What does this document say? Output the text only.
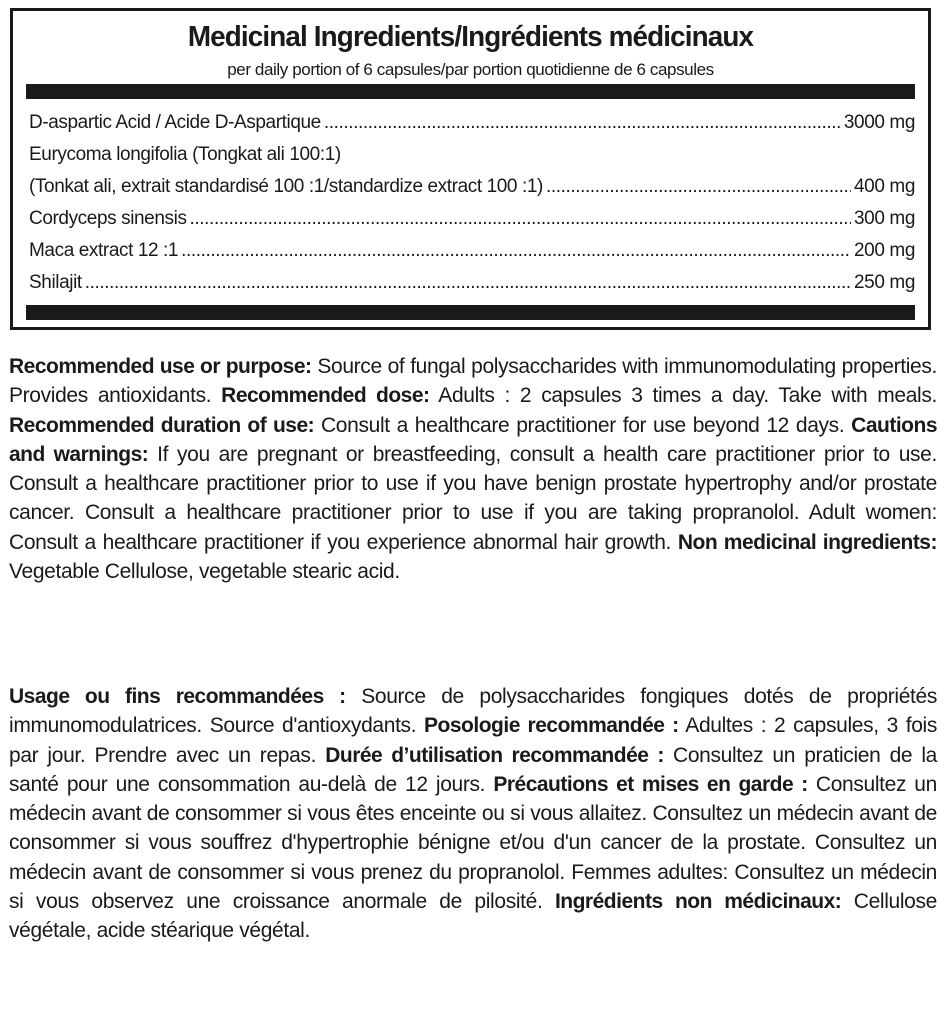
Medicinal Ingredients/Ingrédients médicinaux
per daily portion of 6 capsules/par portion quotidienne de 6 capsules
D-aspartic Acid / Acide D-Aspartique .....	3000 mg
Eurycoma longifolia (Tongkat ali 100:1)
(Tonkat ali, extrait standardisé 100 :1/standardize extract 100 :1) .....	400 mg
Cordyceps sinensis .....	300 mg
Maca extract 12 :1 .....	200 mg
Shilajit .....	250 mg

Recommended use or purpose: Source of fungal polysaccharides with immunomodulating properties. Provides antioxidants. Recommended dose: Adults : 2 capsules 3 times a day. Take with meals. Recommended duration of use: Consult a healthcare practitioner for use beyond 12 days. Cautions and warnings: If you are pregnant or breastfeeding, consult a health care practitioner prior to use. Consult a healthcare practitioner prior to use if you have benign prostate hypertrophy and/or prostate cancer. Consult a healthcare practitioner prior to use if you are taking propranolol. Adult women: Consult a healthcare practitioner if you experience abnormal hair growth. Non medicinal ingredients: Vegetable Cellulose, vegetable stearic acid.

Usage ou fins recommandées : Source de polysaccharides fongiques dotés de propriétés immunomodulatrices. Source d'antioxydants. Posologie recommandée : Adultes : 2 capsules, 3 fois par jour. Prendre avec un repas. Durée d’utilisation recommandée : Consultez un praticien de la santé pour une consommation au-delà de 12 jours. Précautions et mises en garde : Consultez un médecin avant de consommer si vous êtes enceinte ou si vous allaitez. Consultez un médecin avant de consommer si vous souffrez d'hypertrophie bénigne et/ou d'un cancer de la prostate. Consultez un médecin avant de consommer si vous prenez du propranolol. Femmes adultes: Consultez un médecin si vous observez une croissance anormale de pilosité. Ingrédients non médicinaux: Cellulose végétale, acide stéarique végétal.
